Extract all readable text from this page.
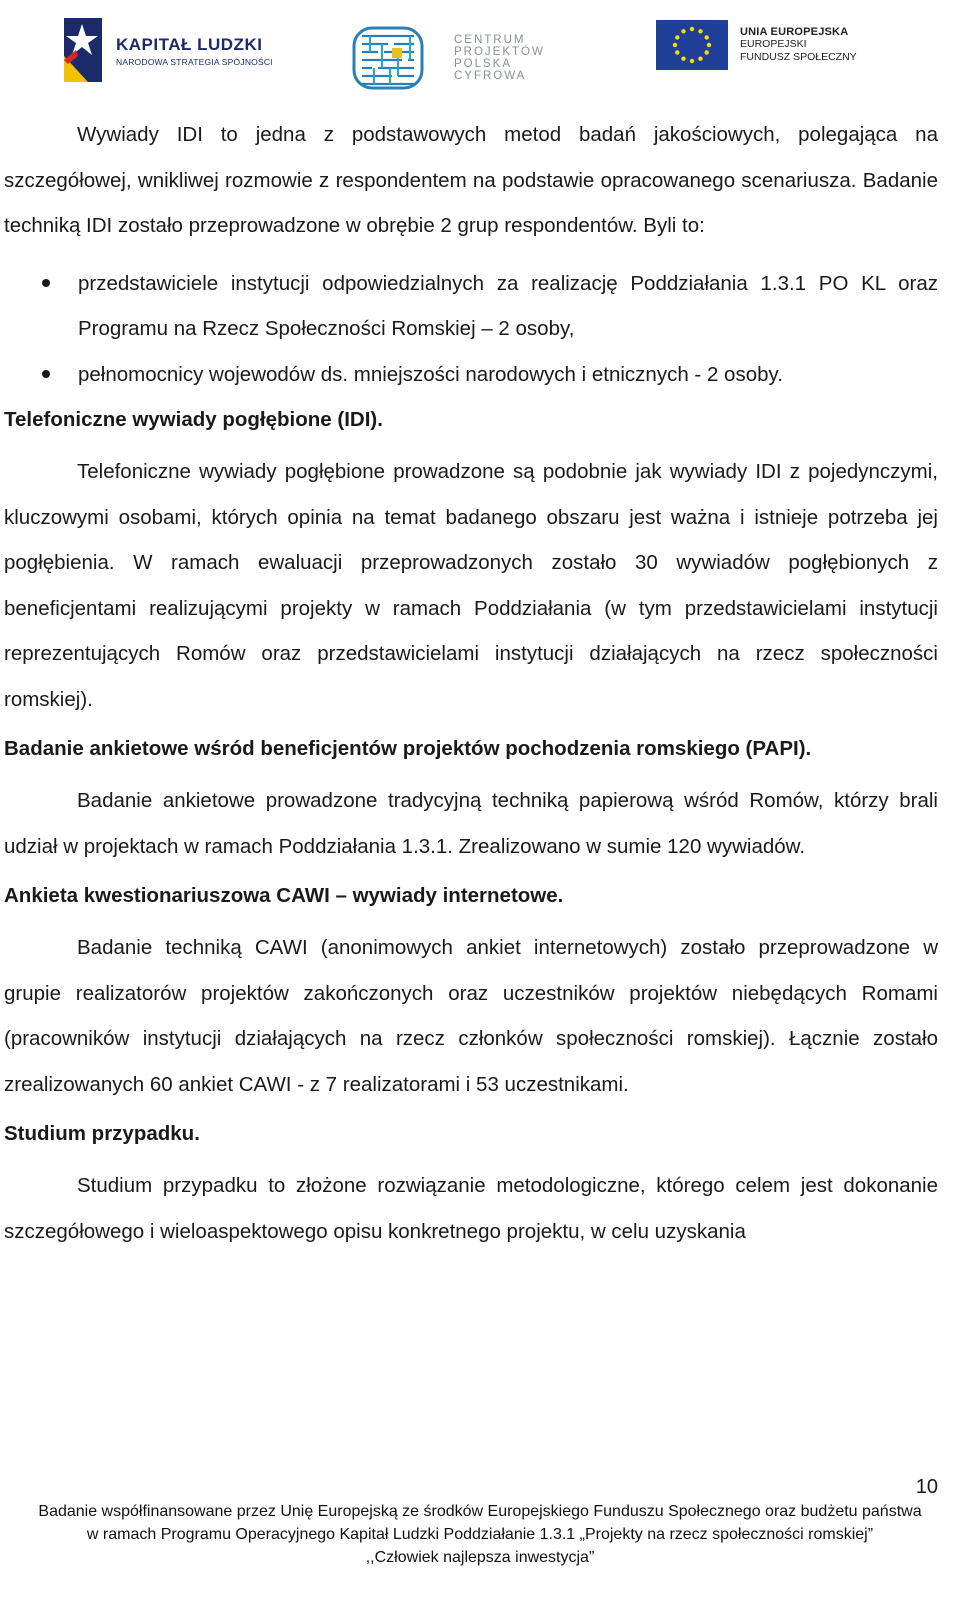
KAPITAŁ LUDZKI
NARODOWA STRATEGIA SPÓJNOŚCI
CENTRUM
PROJEKTÓW
POLSKA
CYFROWA
UNIA EUROPEJSKA
EUROPEJSKI
FUNDUSZ SPOŁECZNY

Wywiady IDI to jedna z podstawowych metod badań jakościowych, polegająca na szczegółowej, wnikliwej rozmowie z respondentem na podstawie opracowanego scenariusza. Badanie techniką IDI zostało przeprowadzone w obrębie 2 grup respondentów. Byli to:

przedstawiciele instytucji odpowiedzialnych za realizację Poddziałania 1.3.1 PO KL oraz Programu na Rzecz Społeczności Romskiej – 2 osoby,
pełnomocnicy wojewodów ds. mniejszości narodowych i etnicznych - 2 osoby.
Telefoniczne wywiady pogłębione (IDI).

Telefoniczne wywiady pogłębione prowadzone są podobnie jak wywiady IDI z pojedynczymi, kluczowymi osobami, których opinia na temat badanego obszaru jest ważna i istnieje potrzeba jej pogłębienia. W ramach ewaluacji przeprowadzonych zostało 30 wywiadów pogłębionych z beneficjentami realizującymi projekty w ramach Poddziałania (w tym przedstawicielami instytucji reprezentujących Romów oraz przedstawicielami instytucji działających na rzecz społeczności romskiej).

Badanie ankietowe wśród beneficjentów projektów pochodzenia romskiego (PAPI).

Badanie ankietowe prowadzone tradycyjną techniką papierową wśród Romów, którzy brali udział w projektach w ramach Poddziałania 1.3.1. Zrealizowano w sumie 120 wywiadów.

Ankieta kwestionariuszowa CAWI – wywiady internetowe.

Badanie techniką CAWI (anonimowych ankiet internetowych) zostało przeprowadzone w grupie realizatorów projektów zakończonych oraz uczestników projektów niebędących Romami (pracowników instytucji działających na rzecz członków społeczności romskiej). Łącznie zostało zrealizowanych 60 ankiet CAWI - z 7 realizatorami i 53 uczestnikami.

Studium przypadku.

Studium przypadku to złożone rozwiązanie metodologiczne, którego celem jest dokonanie szczegółowego i wieloaspektowego opisu konkretnego projektu, w celu uzyskania

10
Badanie współfinansowane przez Unię Europejską ze środków Europejskiego Funduszu Społecznego oraz budżetu państwa
w ramach Programu Operacyjnego Kapitał Ludzki Poddziałanie 1.3.1 „Projekty na rzecz społeczności romskiej”
,,Człowiek najlepsza inwestycja”
